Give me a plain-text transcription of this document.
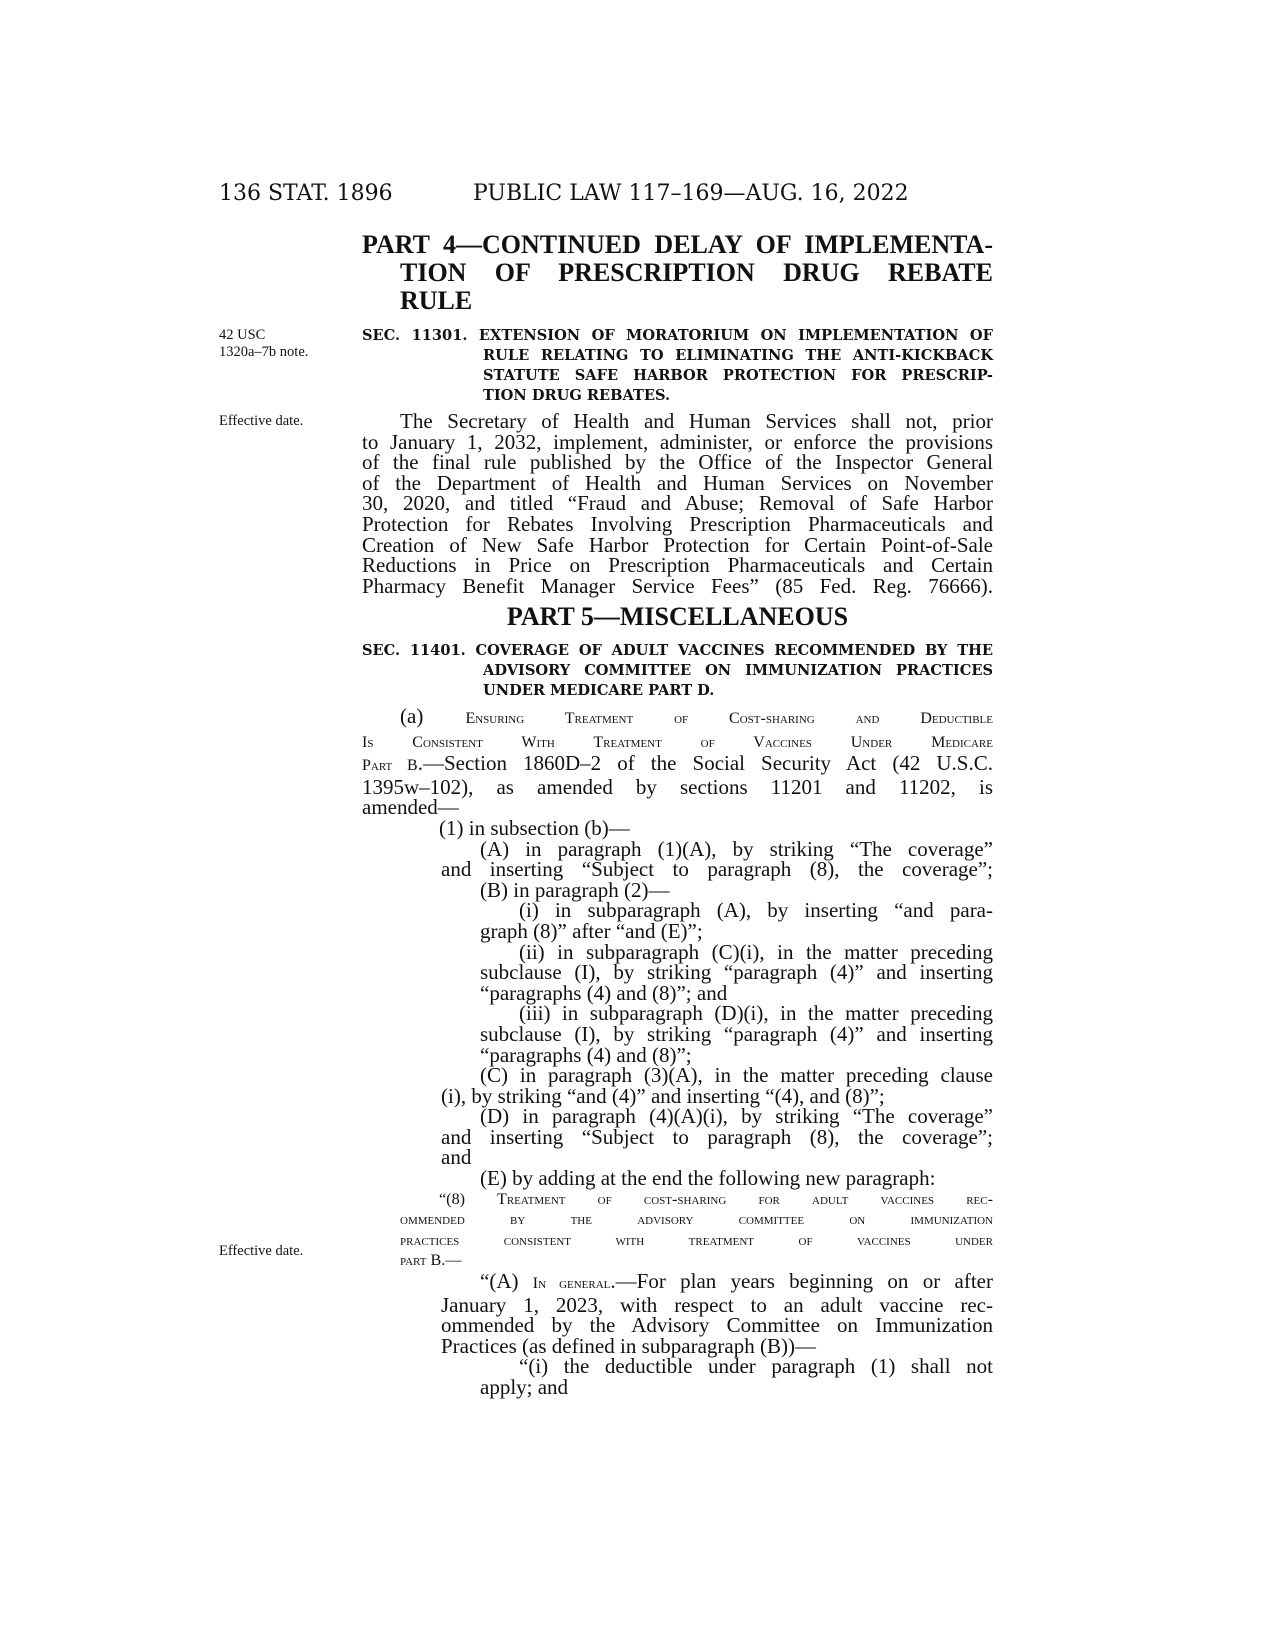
136 STAT. 1896	PUBLIC LAW 117–169—AUG. 16, 2022
PART 4—CONTINUED DELAY OF IMPLEMENTA-
TION OF PRESCRIPTION DRUG REBATE
RULE
42 USC
1320a–7b note.
SEC. 11301. EXTENSION OF MORATORIUM ON IMPLEMENTATION OF
RULE RELATING TO ELIMINATING THE ANTI-KICKBACK
STATUTE SAFE HARBOR PROTECTION FOR PRESCRIP-
TION DRUG REBATES.
Effective date.	The Secretary of Health and Human Services shall not, prior
to January 1, 2032, implement, administer, or enforce the provisions
of the final rule published by the Office of the Inspector General
of the Department of Health and Human Services on November
30, 2020, and titled “Fraud and Abuse; Removal of Safe Harbor
Protection for Rebates Involving Prescription Pharmaceuticals and
Creation of New Safe Harbor Protection for Certain Point-of-Sale
Reductions in Price on Prescription Pharmaceuticals and Certain
Pharmacy Benefit Manager Service Fees” (85 Fed. Reg. 76666).
PART 5—MISCELLANEOUS
SEC. 11401. COVERAGE OF ADULT VACCINES RECOMMENDED BY THE
ADVISORY COMMITTEE ON IMMUNIZATION PRACTICES
UNDER MEDICARE PART D.
(a) Ensuring Treatment of Cost-sharing and Deductible
Is Consistent With Treatment of Vaccines Under Medicare
Part B.—Section 1860D–2 of the Social Security Act (42 U.S.C.
1395w–102), as amended by sections 11201 and 11202, is
amended—
(1) in subsection (b)—
(A) in paragraph (1)(A), by striking “The coverage”
and inserting “Subject to paragraph (8), the coverage”;
(B) in paragraph (2)—
(i) in subparagraph (A), by inserting “and para-
graph (8)” after “and (E)”;
(ii) in subparagraph (C)(i), in the matter preceding
subclause (I), by striking “paragraph (4)” and inserting
“paragraphs (4) and (8)”; and
(iii) in subparagraph (D)(i), in the matter preceding
subclause (I), by striking “paragraph (4)” and inserting
“paragraphs (4) and (8)”;
(C) in paragraph (3)(A), in the matter preceding clause
(i), by striking “and (4)” and inserting “(4), and (8)”;
(D) in paragraph (4)(A)(i), by striking “The coverage”
and inserting “Subject to paragraph (8), the coverage”;
and
(E) by adding at the end the following new paragraph:
“(8) Treatment of cost-sharing for adult vaccines rec-
ommended by the advisory committee on immunization
practices consistent with treatment of vaccines under
part B.—
“(A) In general.—For plan years beginning on or after
January 1, 2023, with respect to an adult vaccine rec-
ommended by the Advisory Committee on Immunization
Practices (as defined in subparagraph (B))—
“(i) the deductible under paragraph (1) shall not
apply; and
Effective date.
